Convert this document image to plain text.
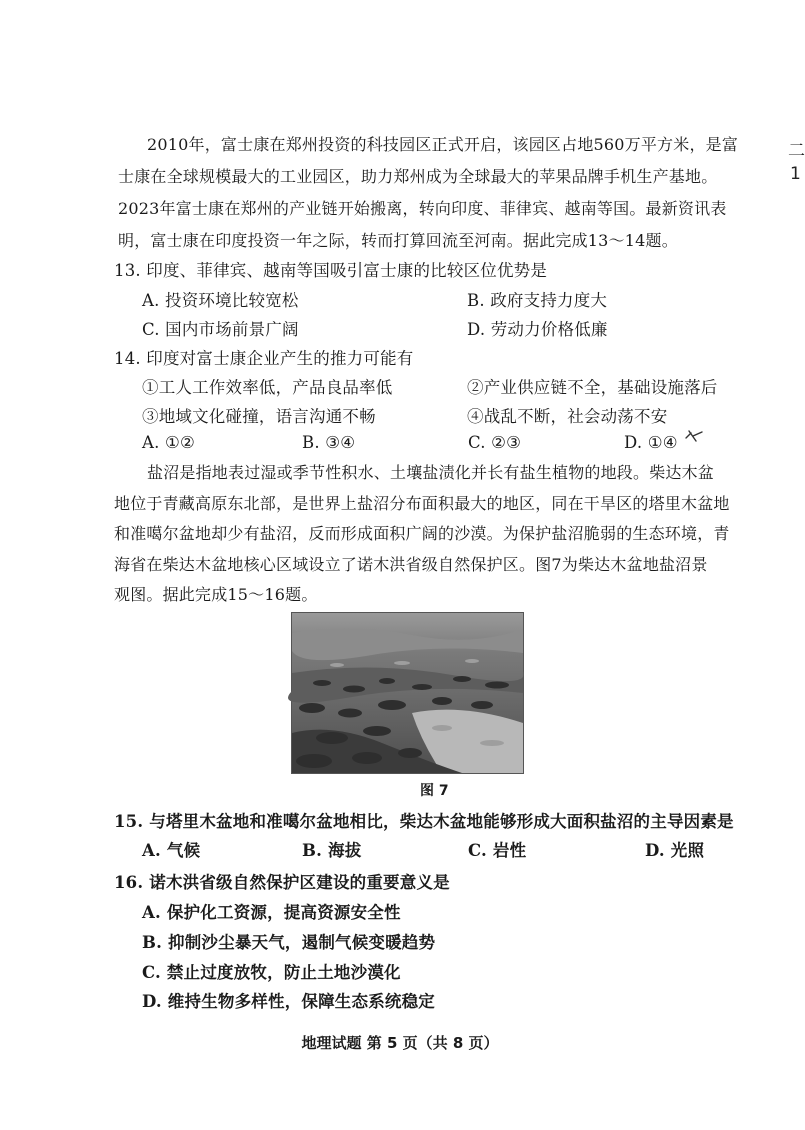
二
1
2010年，富士康在郑州投资的科技园区正式开启，该园区占地560万平方米，是富
士康在全球规模最大的工业园区，助力郑州成为全球最大的苹果品牌手机生产基地。
2023年富士康在郑州的产业链开始搬离，转向印度、菲律宾、越南等国。最新资讯表
明，富士康在印度投资一年之际，转而打算回流至河南。据此完成13～14题。
13. 印度、菲律宾、越南等国吸引富士康的比较区位优势是
A. 投资环境比较宽松	B. 政府支持力度大
C. 国内市场前景广阔	D. 劳动力价格低廉
14. 印度对富士康企业产生的推力可能有
①工人工作效率低，产品良品率低	②产业供应链不全，基础设施落后
③地域文化碰撞，语言沟通不畅	④战乱不断，社会动荡不安
A. ①②	B. ③④	C. ②③	D. ①④
盐沼是指地表过湿或季节性积水、土壤盐渍化并长有盐生植物的地段。柴达木盆
地位于青藏高原东北部，是世界上盐沼分布面积最大的地区，同在干旱区的塔里木盆地
和准噶尔盆地却少有盐沼，反而形成面积广阔的沙漠。为保护盐沼脆弱的生态环境，青
海省在柴达木盆地核心区域设立了诺木洪省级自然保护区。图7为柴达木盆地盐沼景
观图。据此完成15～16题。
图 7
15. 与塔里木盆地和准噶尔盆地相比，柴达木盆地能够形成大面积盐沼的主导因素是
A. 气候	B. 海拔	C. 岩性	D. 光照
16. 诺木洪省级自然保护区建设的重要意义是
A. 保护化工资源，提高资源安全性
B. 抑制沙尘暴天气，遏制气候变暖趋势
C. 禁止过度放牧，防止土地沙漠化
D. 维持生物多样性，保障生态系统稳定
地理试题 第 5 页（共 8 页）
